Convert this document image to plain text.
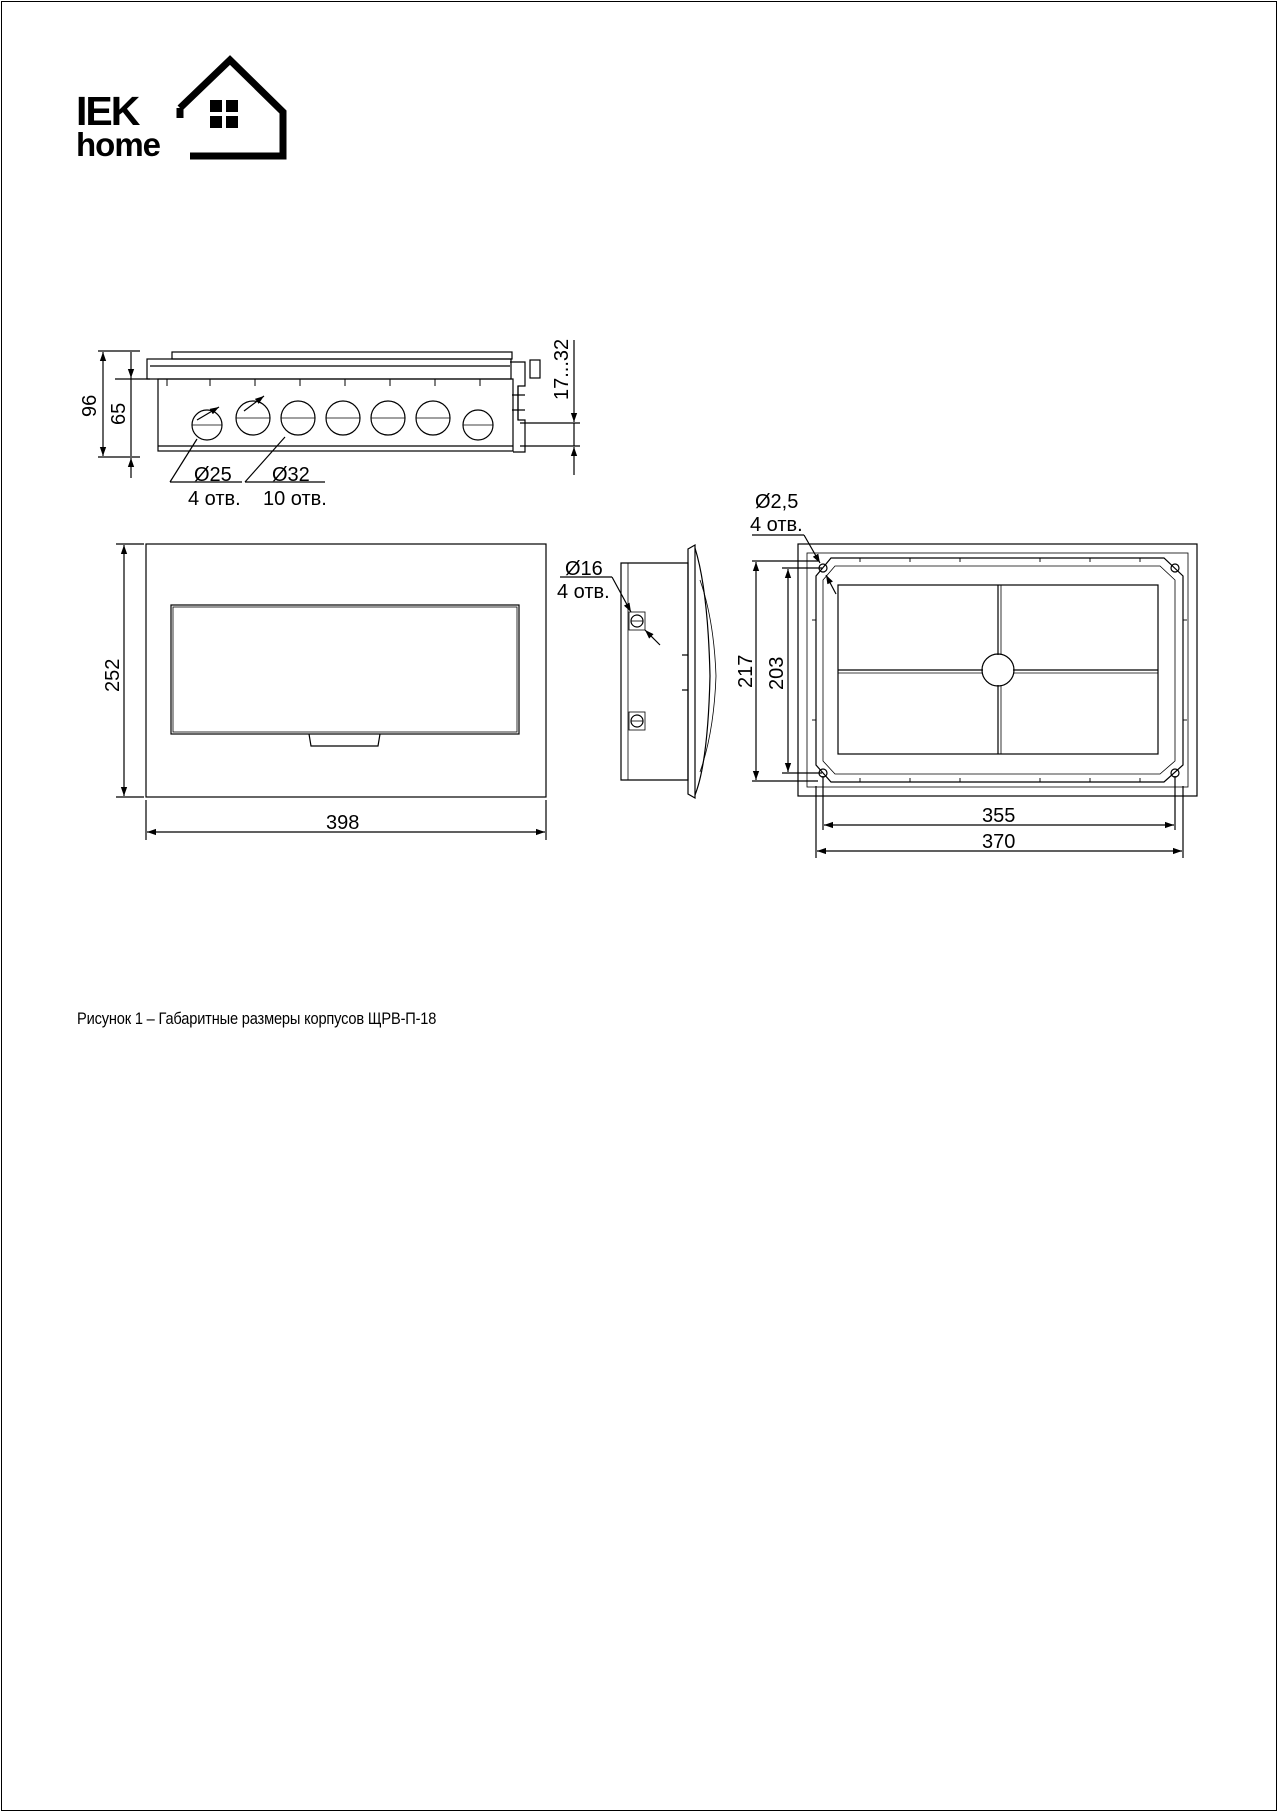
IEK
home
96 65
17...32
Ø25
4 отв.
Ø32
10 отв.
252
398
Ø16
4 отв.
Ø2,5
4 отв.
217 203
355
370
Рисунок 1 – Габаритные размеры корпусов ЩРВ-П-18
